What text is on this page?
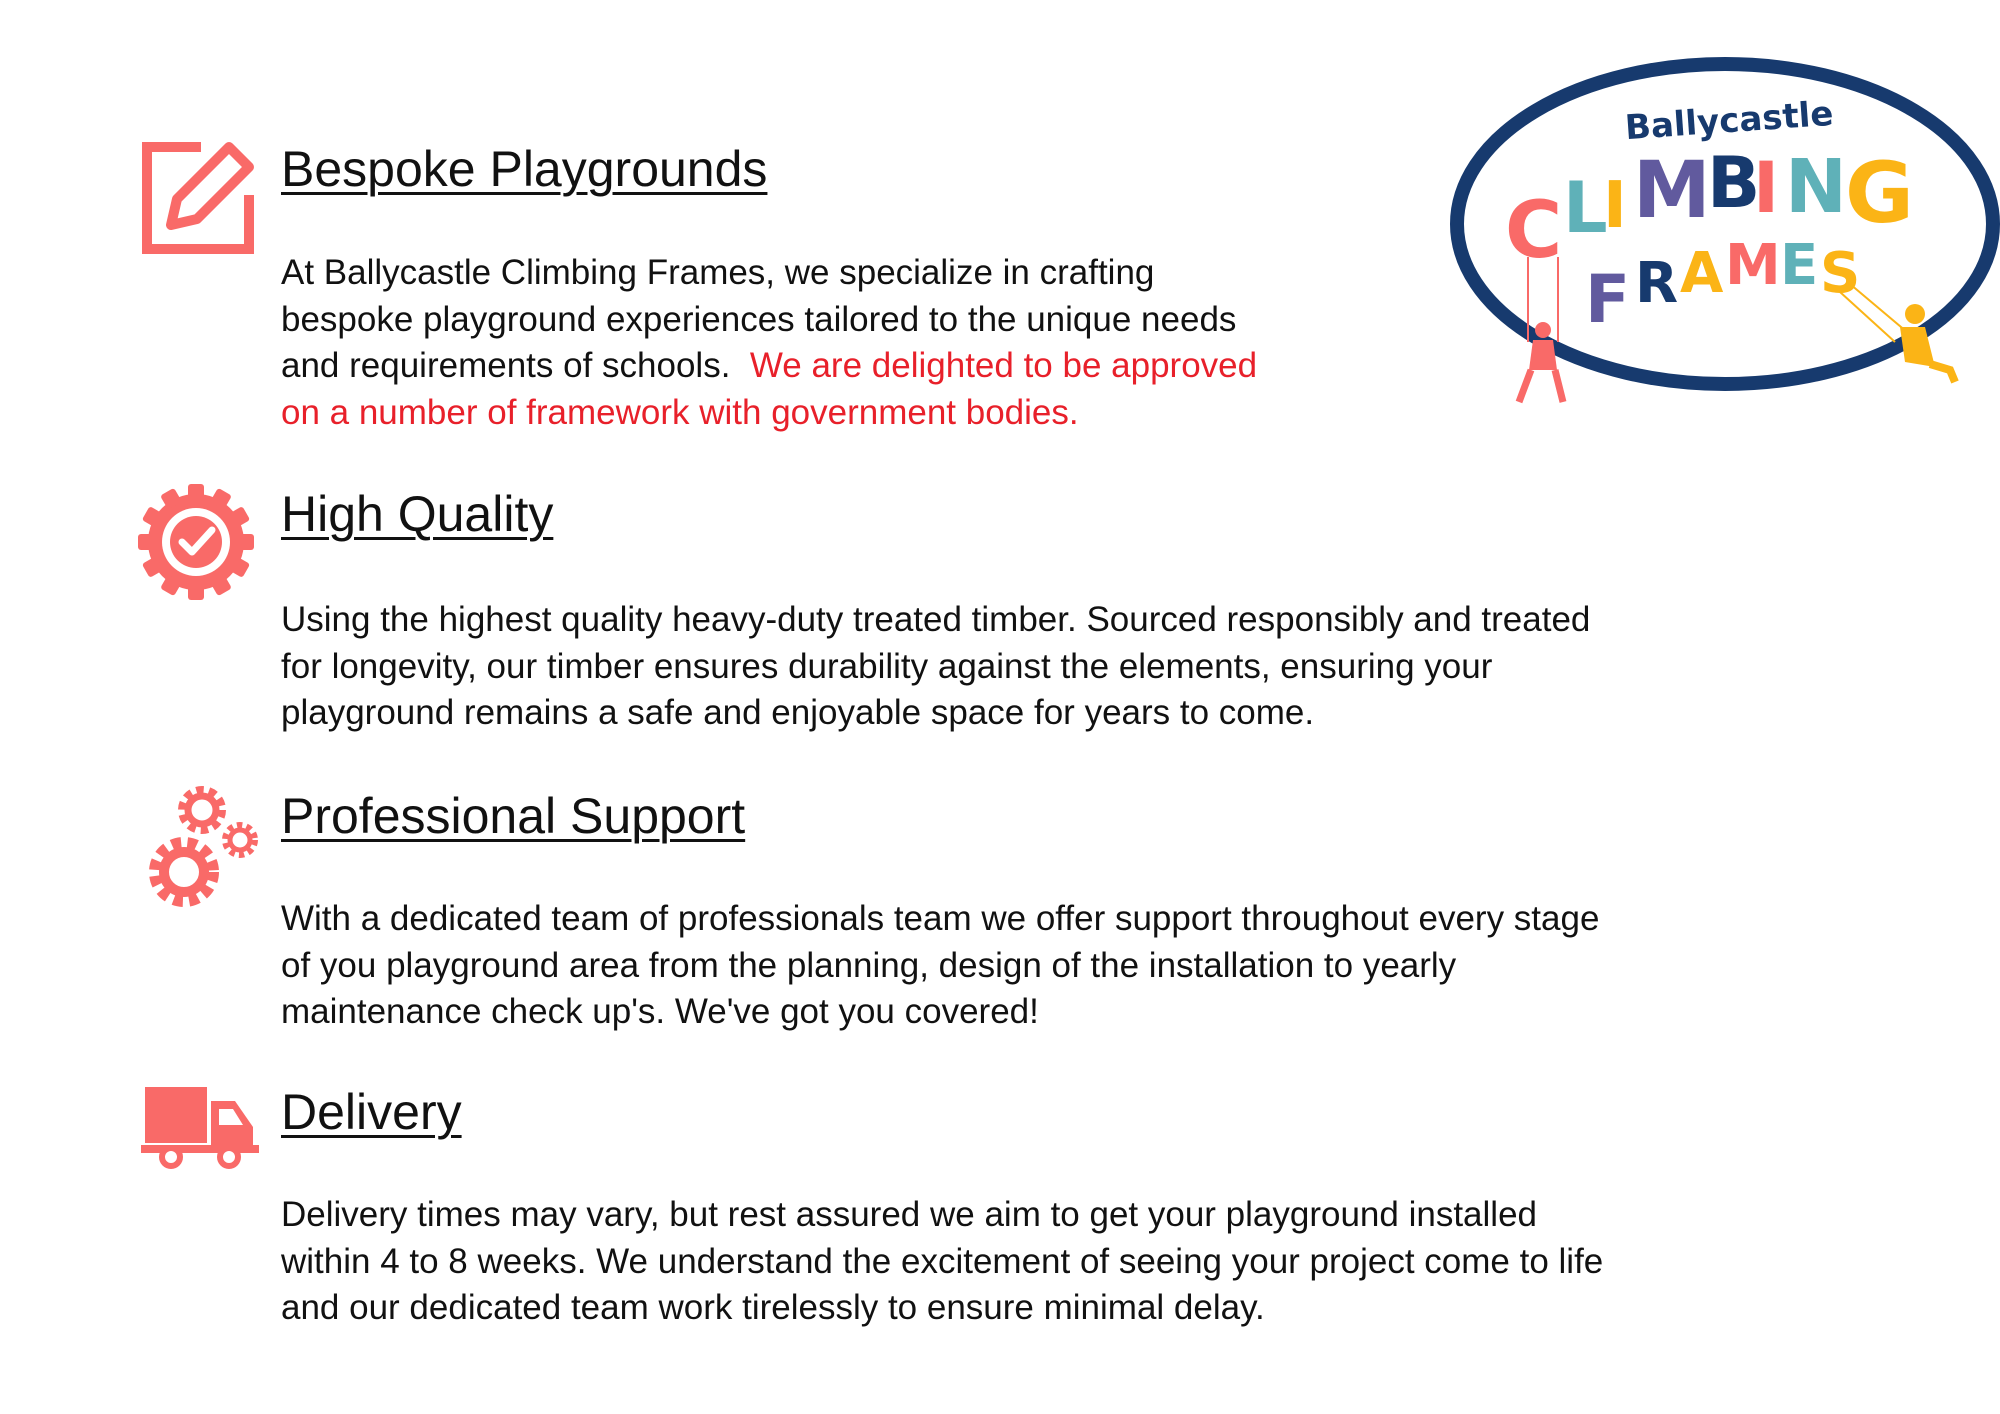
Ballycastle
C L
I M
B
I N
G
F R A M E S
Bespoke Playgrounds
At Ballycastle Climbing Frames, we specialize in crafting
bespoke playground experiences tailored to the unique needs
and requirements of schools. We are delighted to be approved
on a number of framework with government bodies.
High Quality
Using the highest quality heavy-duty treated timber. Sourced responsibly and treated
for longevity, our timber ensures durability against the elements, ensuring your
playground remains a safe and enjoyable space for years to come.
Professional Support
With a dedicated team of professionals team we offer support throughout every stage
of you playground area from the planning, design of the installation to yearly
maintenance check up's. We've got you covered!
Delivery
Delivery times may vary, but rest assured we aim to get your playground installed
within 4 to 8 weeks. We understand the excitement of seeing your project come to life
and our dedicated team work tirelessly to ensure minimal delay.
